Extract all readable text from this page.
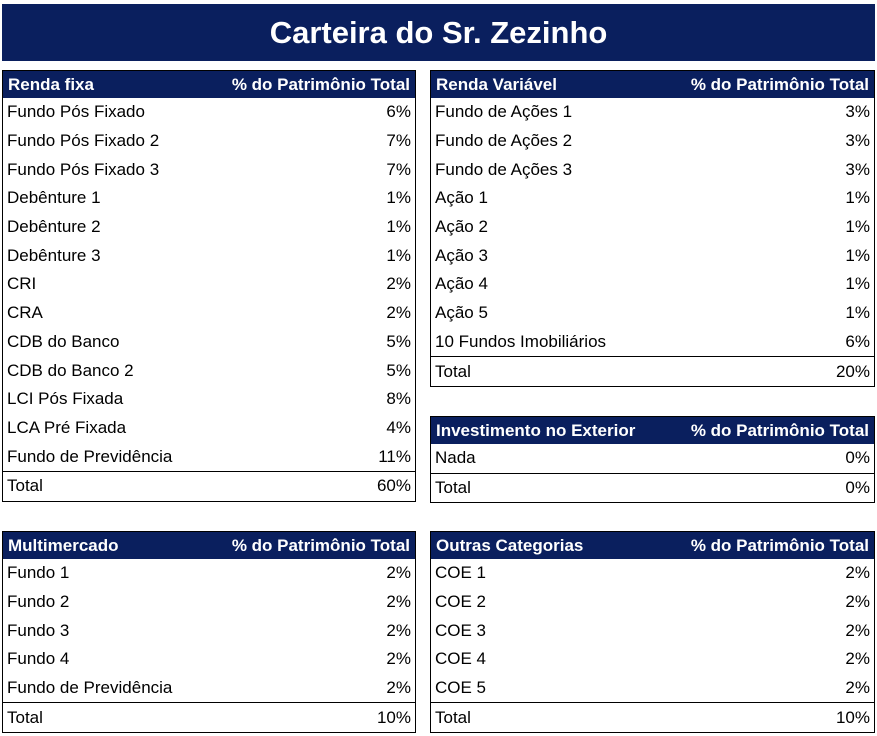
Carteira do Sr. Zezinho
Renda fixa	% do Patrimônio Total
Fundo Pós Fixado	6%
Fundo Pós Fixado 2	7%
Fundo Pós Fixado 3	7%
Debênture 1	1%
Debênture 2	1%
Debênture 3	1%
CRI	2%
CRA	2%
CDB do Banco	5%
CDB do Banco 2	5%
LCI Pós Fixada	8%
LCA Pré Fixada	4%
Fundo de Previdência	11%
Total	60%
Renda Variável	% do Patrimônio Total
Fundo de Ações 1	3%
Fundo de Ações 2	3%
Fundo de Ações 3	3%
Ação 1	1%
Ação 2	1%
Ação 3	1%
Ação 4	1%
Ação 5	1%
10 Fundos Imobiliários	6%
Total	20%
Investimento no Exterior	% do Patrimônio Total
Nada	0%
Total	0%
Multimercado	% do Patrimônio Total
Fundo 1	2%
Fundo 2	2%
Fundo 3	2%
Fundo 4	2%
Fundo de Previdência	2%
Total	10%
Outras Categorias	% do Patrimônio Total
COE 1	2%
COE 2	2%
COE 3	2%
COE 4	2%
COE 5	2%
Total	10%
